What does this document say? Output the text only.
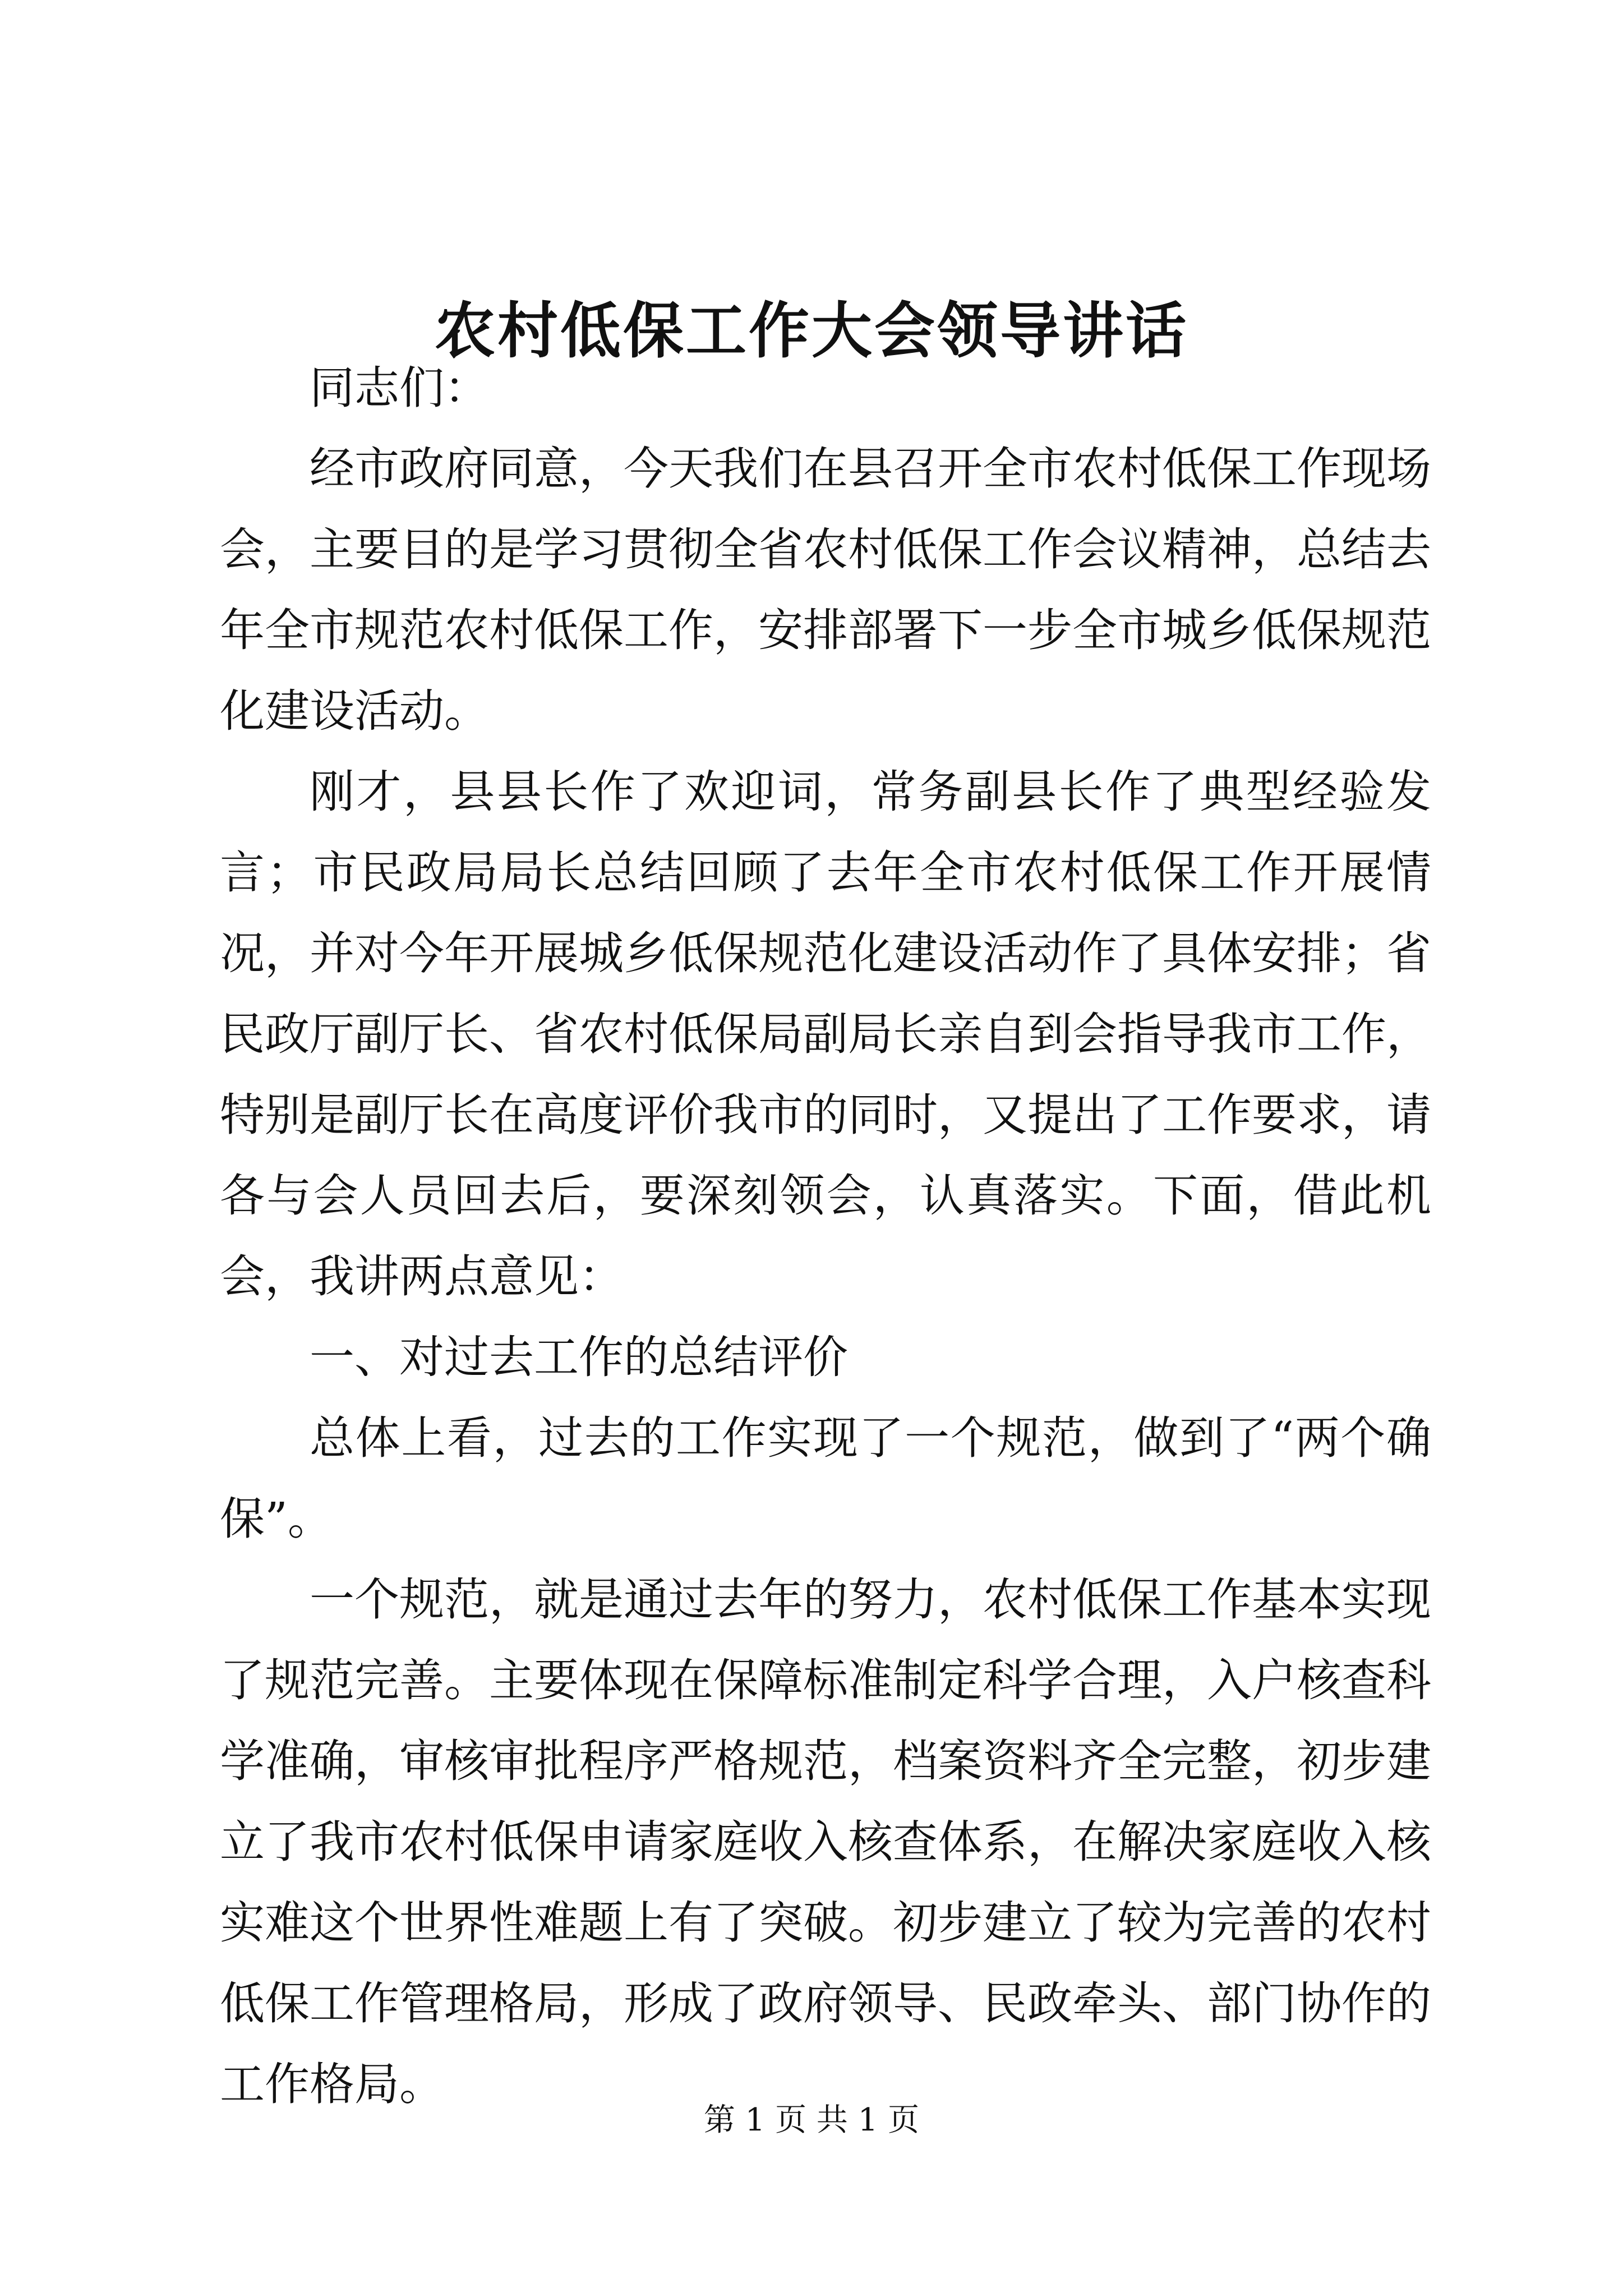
农村低保工作大会领导讲话

同志们：

经市政府同意，今天我们在县召开全市农村低保工作现场会，主要目的是学习贯彻全省农村低保工作会议精神，总结去年全市规范农村低保工作，安排部署下一步全市城乡低保规范化建设活动。

刚才，县县长作了欢迎词，常务副县长作了典型经验发言；市民政局局长总结回顾了去年全市农村低保工作开展情况，并对今年开展城乡低保规范化建设活动作了具体安排；省民政厅副厅长、省农村低保局副局长亲自到会指导我市工作，特别是副厅长在高度评价我市的同时，又提出了工作要求，请各与会人员回去后，要深刻领会，认真落实。下面，借此机会，我讲两点意见：

一、对过去工作的总结评价

总体上看，过去的工作实现了一个规范，做到了“两个确保”。

一个规范，就是通过去年的努力，农村低保工作基本实现了规范完善。主要体现在保障标准制定科学合理，入户核查科学准确，审核审批程序严格规范，档案资料齐全完整，初步建立了我市农村低保申请家庭收入核查体系，在解决家庭收入核实难这个世界性难题上有了突破。初步建立了较为完善的农村低保工作管理格局，形成了政府领导、民政牵头、部门协作的工作格局。

第 1 页 共 1 页
